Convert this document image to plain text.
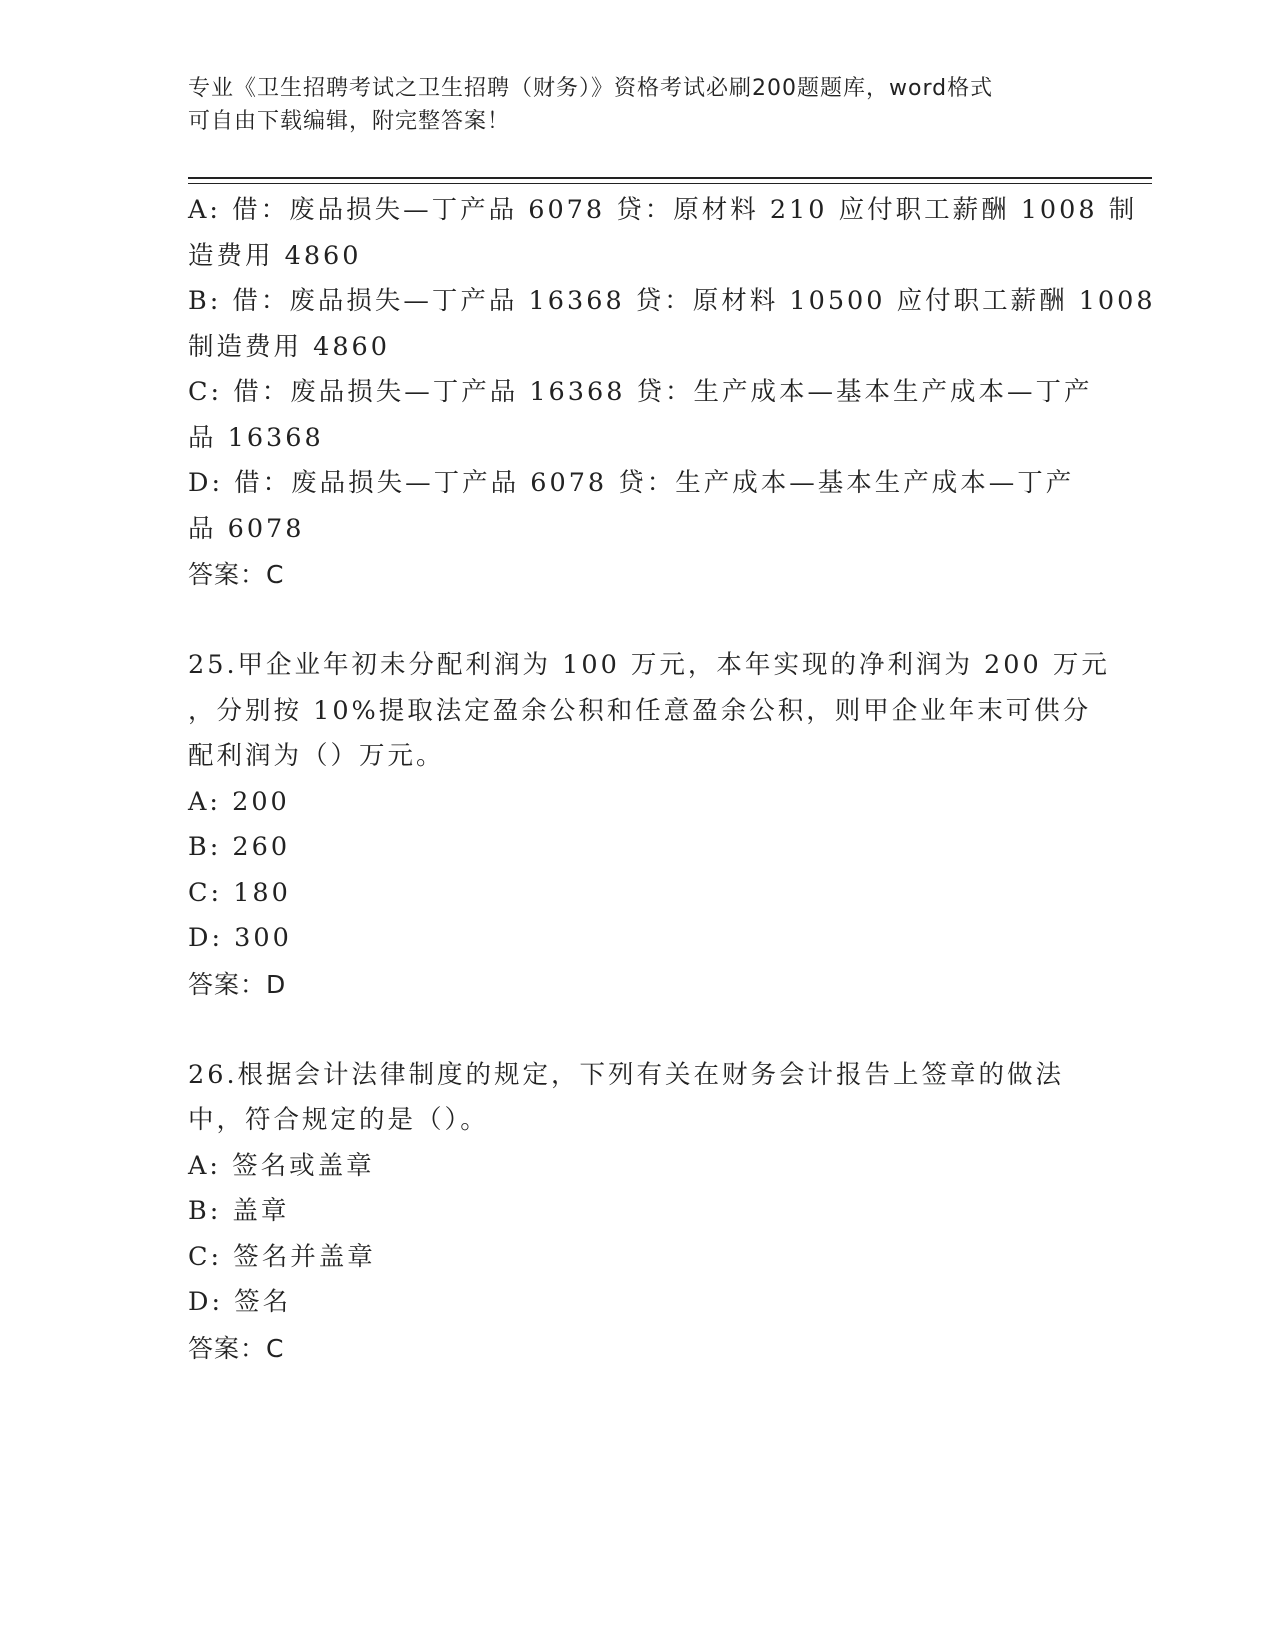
专业《卫生招聘考试之卫生招聘（财务）》资格考试必刷200题题库，word格式
可自由下载编辑，附完整答案！
A: 借：废品损失—丁产品 6078 贷：原材料 210 应付职工薪酬 1008 制
造费用 4860
B: 借：废品损失—丁产品 16368 贷：原材料 10500 应付职工薪酬 1008
制造费用 4860
C: 借：废品损失—丁产品 16368 贷：生产成本—基本生产成本—丁产
品 16368
D: 借：废品损失—丁产品 6078 贷：生产成本—基本生产成本—丁产
品 6078
答案：C
25.甲企业年初未分配利润为 100 万元，本年实现的净利润为 200 万元
，分别按 10%提取法定盈余公积和任意盈余公积，则甲企业年末可供分
配利润为（）万元。
A: 200
B: 260
C: 180
D: 300
答案：D
26.根据会计法律制度的规定，下列有关在财务会计报告上签章的做法
中，符合规定的是（）。
A: 签名或盖章
B: 盖章
C: 签名并盖章
D: 签名
答案：C
